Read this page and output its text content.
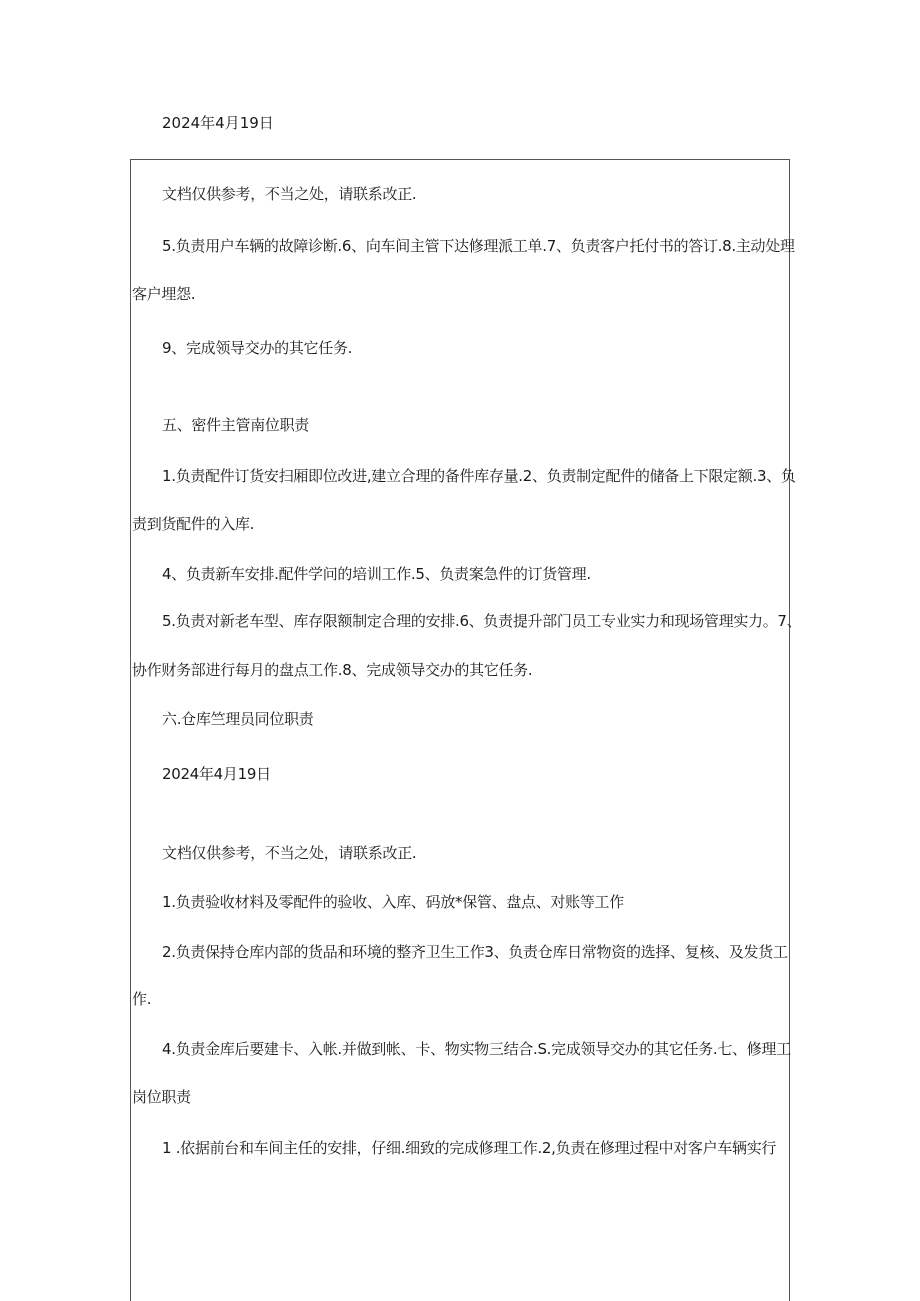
2024年4月19日
文档仅供参考，不当之处，请联系改正.
5.负责用户车辆的故障诊断.6、向车间主管下达修理派工单.7、负责客户托付书的答订.8.主动处理
客户埋怨.
9、完成领导交办的其它任务.
五、密件主管南位职责
1.负责配件订货安扫厢即位改进,建立合理的备件库存量.2、负责制定配件的储备上下限定额.3、负
责到货配件的入库.
4、负责新车安排.配件学问的培训工作.5、负责案急件的订货管理.
5.负责对新老车型、库存限额制定合理的安排.6、负责提升部门员工专业实力和现场管理实力。7、
协作财务部进行每月的盘点工作.8、完成领导交办的其它任务.
六.仓库竺理员同位职责
2024年4月19日
文档仅供参考，不当之处，请联系改正.
1.负责验收材料及零配件的验收、入库、码放*保管、盘点、对账等工作
2.负责保持仓库内部的货品和环境的整齐卫生工作3、负责仓库日常物资的选择、复核、及发货工
作.
4.负责金库后要建卡、入帐.并做到帐、卡、物实物三结合.S.完成领导交办的其它任务.七、修理工
岗位职责
1 .依据前台和车间主任的安排，仔细.细致的完成修理工作.2,负责在修理过程中对客户车辆实行
